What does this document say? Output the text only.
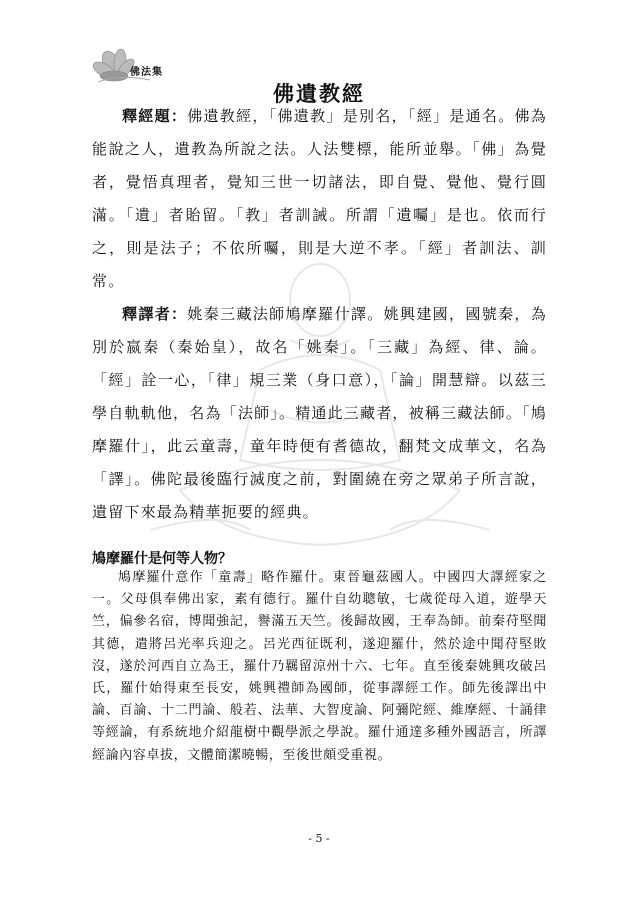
佛法集
佛遺教經

釋經題：佛遺教經，「佛遺教」是別名，「經」是通名。佛為能說之人，遺教為所說之法。人法雙標，能所並舉。「佛」為覺者，覺悟真理者，覺知三世一切諸法，即自覺、覺他、覺行圓滿。「遺」者貽留。「教」者訓誡。所謂「遺囑」是也。依而行之，則是法子；不依所囑，則是大逆不孝。「經」者訓法、訓常。

釋譯者：姚秦三藏法師鳩摩羅什譯。姚興建國，國號秦，為別於嬴秦（秦始皇），故名「姚秦」。「三藏」為經、律、論。「經」詮一心，「律」規三業（身口意），「論」開慧辯。以茲三學自軌軌他，名為「法師」。精通此三藏者，被稱三藏法師。「鳩摩羅什」，此云童壽，童年時便有耆德故，翻梵文成華文，名為「譯」。佛陀最後臨行滅度之前，對圍繞在旁之眾弟子所言說，遺留下來最為精華扼要的經典。

鳩摩羅什是何等人物？

鳩摩羅什意作「童壽」略作羅什。東晉龜茲國人。中國四大譯經家之一。父母俱奉佛出家，素有德行。羅什自幼聰敏，七歲從母入道，遊學天竺，偏參名宿，博聞強記，譽滿五天竺。後歸故國，王奉為師。前秦苻堅聞其德，遣將呂光率兵迎之。呂光西征既利，遂迎羅什，然於途中聞苻堅敗沒，遂於河西自立為王，羅什乃羈留涼州十六、七年。直至後秦姚興攻破呂氏，羅什始得東至長安，姚興禮師為國師，從事譯經工作。師先後譯出中論、百論、十二門論、般若、法華、大智度論、阿彌陀經、維摩經、十誦律等經論，有系統地介紹龍樹中觀學派之學說。羅什通達多種外國語言，所譯經論內容卓拔，文體簡潔曉暢，至後世頗受重視。

- 5 -
